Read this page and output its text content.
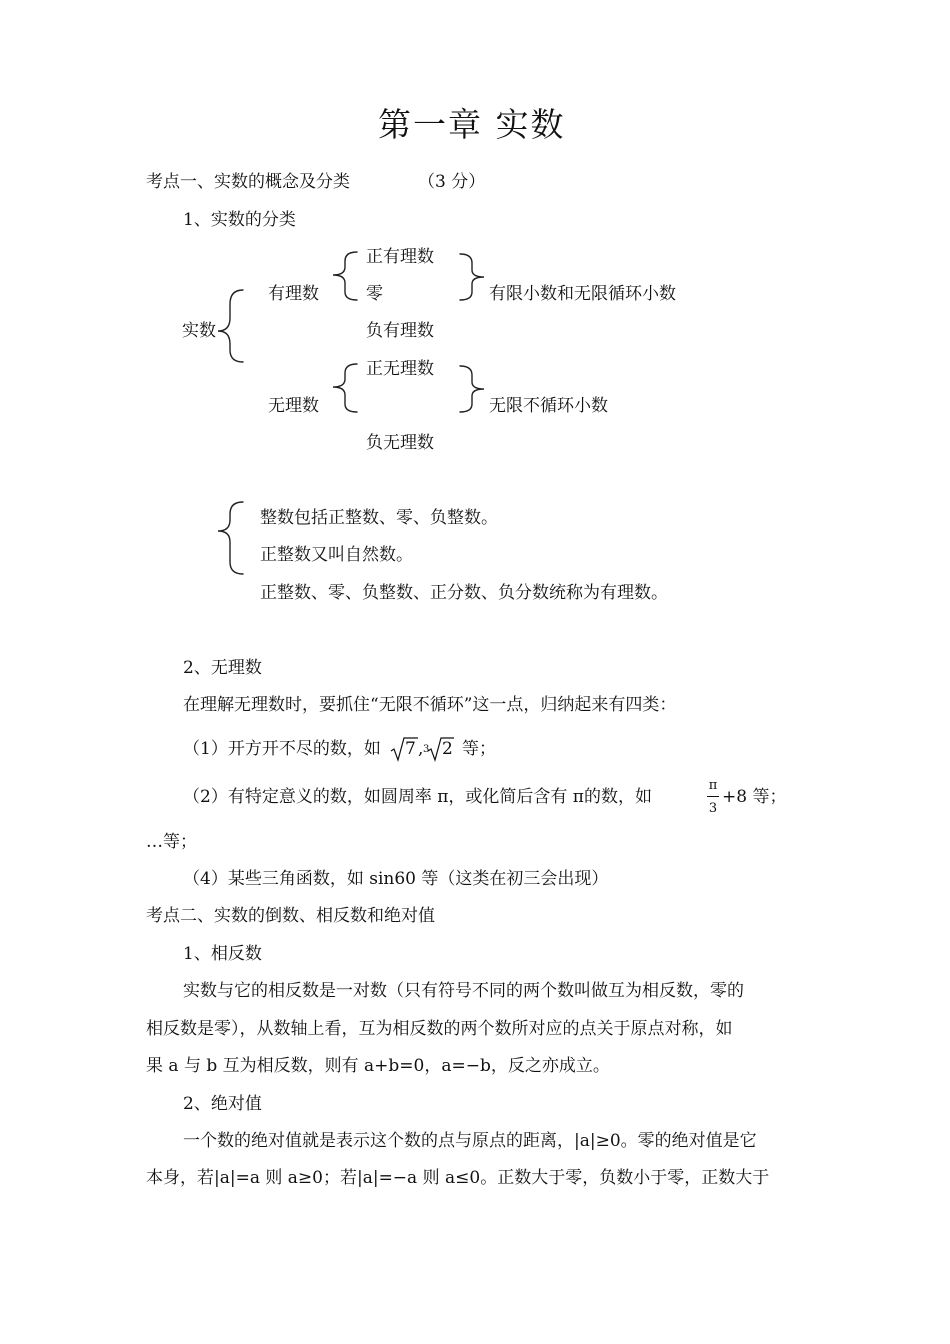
第一章 实数
考点一、实数的概念及分类	（3 分）
1、实数的分类
实数
有理数
正有理数
零
负有理数
有限小数和无限循环小数
无理数
正无理数
负无理数
无限不循环小数
整数包括正整数、零、负整数。
正整数又叫自然数。
正整数、零、负整数、正分数、负分数统称为有理数。
2、无理数
在理解无理数时，要抓住“无限不循环”这一点，归纳起来有四类：
（1）开方开不尽的数，如 7 , 3 2 等；
（2）有特定意义的数，如圆周率 π，或化简后含有 π的数，如
π
3
+8 等；
…等；
（4）某些三角函数，如 sin60 等（这类在初三会出现）
考点二、实数的倒数、相反数和绝对值
1、相反数
实数与它的相反数是一对数（只有符号不同的两个数叫做互为相反数，零的
相反数是零），从数轴上看，互为相反数的两个数所对应的点关于原点对称，如
果 a 与 b 互为相反数，则有 a+b=0，a=−b，反之亦成立。
2、绝对值
一个数的绝对值就是表示这个数的点与原点的距离，|a|≥0。零的绝对值是它
本身，若|a|=a 则 a≥0；若|a|=−a 则 a≤0。正数大于零，负数小于零，正数大于
